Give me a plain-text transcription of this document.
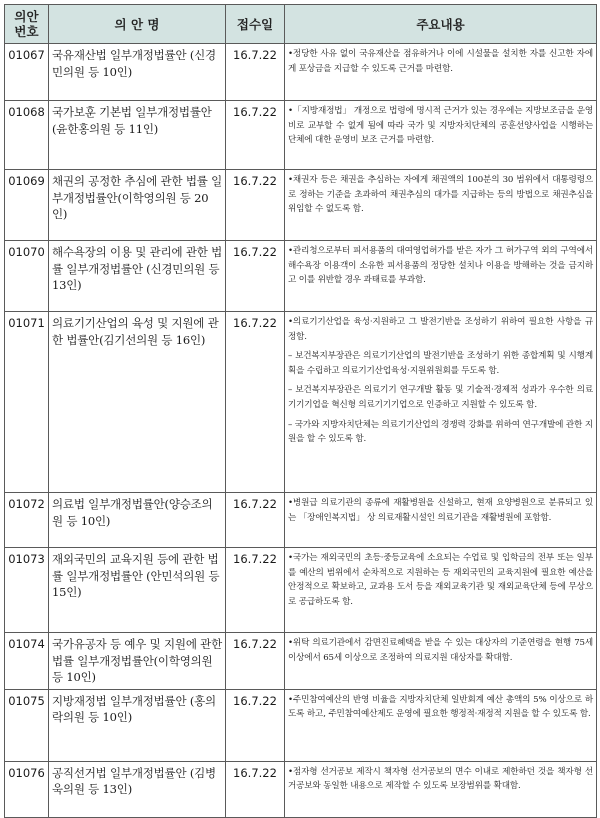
의안
번호	의 안 명	접수일	주요내용
01067	국유재산법 일부개정법률안 (신경민의원 등 10인)	16.7.22	•정당한 사유 없이 국유재산을 점유하거나 이에 시설물을 설치한 자를 신고한 자에게 포상금을 지급할 수 있도록 근거를 마련함.

01068	국가보훈 기본법 일부개정법률안 (윤한홍의원 등 11인)	16.7.22	•「지방재정법」 개정으로 법령에 명시적 근거가 있는 경우에는 지방보조금을 운영비로 교부할 수 없게 됨에 따라 국가 및 지방자치단체의 공훈선양사업을 시행하는 단체에 대한 운영비 보조 근거를 마련함.

01069	채권의 공정한 추심에 관한 법률 일부개정법률안(이학영의원 등 20인)	16.7.22	•채권자 등은 채권을 추심하는 자에게 채권액의 100분의 30 범위에서 대통령령으로 정하는 기준을 초과하여 채권추심의 대가를 지급하는 등의 방법으로 채권추심을 위임할 수 없도록 함.

01070	해수욕장의 이용 및 관리에 관한 법률 일부개정법률안 (신경민의원 등 13인)	16.7.22	•관리청으로부터 피서용품의 대여영업허가를 받은 자가 그 허가구역 외의 구역에서 해수욕장 이용객이 소유한 피서용품의 정당한 설치나 이용을 방해하는 것을 금지하고 이를 위반할 경우 과태료를 부과함.

01071	의료기기산업의 육성 및 지원에 관한 법률안(김기선의원 등 16인)	16.7.22	•의료기기산업을 육성·지원하고 그 발전기반을 조성하기 위하여 필요한 사항을 규정함.
– 보건복지부장관은 의료기기산업의 발전기반을 조성하기 위한 종합계획 및 시행계획을 수립하고 의료기기산업육성·지원위원회를 두도록 함.
– 보건복지부장관은 의료기기 연구개발 활동 및 기술적·경제적 성과가 우수한 의료기기기업을 혁신형 의료기기기업으로 인증하고 지원할 수 있도록 함.
– 국가와 지방자치단체는 의료기기산업의 경쟁력 강화를 위하여 연구개발에 관한 지원을 할 수 있도록 함.

01072	의료법 일부개정법률안(양승조의원 등 10인)	16.7.22	•병원급 의료기관의 종류에 재활병원을 신설하고, 현재 요양병원으로 분류되고 있는 「장애인복지법」 상 의료재활시설인 의료기관을 재활병원에 포함함.

01073	재외국민의 교육지원 등에 관한 법률 일부개정법률안 (안민석의원 등 15인)	16.7.22	•국가는 재외국민의 초등·중등교육에 소요되는 수업료 및 입학금의 전부 또는 일부를 예산의 범위에서 순차적으로 지원하는 등 재외국민의 교육지원에 필요한 예산을 안정적으로 확보하고, 교과용 도서 등을 재외교육기관 및 재외교육단체 등에 무상으로 공급하도록 함.

01074	국가유공자 등 예우 및 지원에 관한 법률 일부개정법률안(이학영의원 등 10인)	16.7.22	•위탁 의료기관에서 감면진료혜택을 받을 수 있는 대상자의 기준연령을 현행 75세 이상에서 65세 이상으로 조정하여 의료지원 대상자를 확대함.

01075	지방재정법 일부개정법률안 (홍의락의원 등 10인)	16.7.22	•주민참여예산의 반영 비율을 지방자치단체 일반회계 예산 총액의 5% 이상으로 하도록 하고, 주민참여예산제도 운영에 필요한 행정적·재정적 지원을 할 수 있도록 함.

01076	공직선거법 일부개정법률안 (김병욱의원 등 13인)	16.7.22	•점자형 선거공보 제작시 책자형 선거공보의 면수 이내로 제한하던 것을 책자형 선거공보와 동일한 내용으로 제작할 수 있도록 보장범위를 확대함.
